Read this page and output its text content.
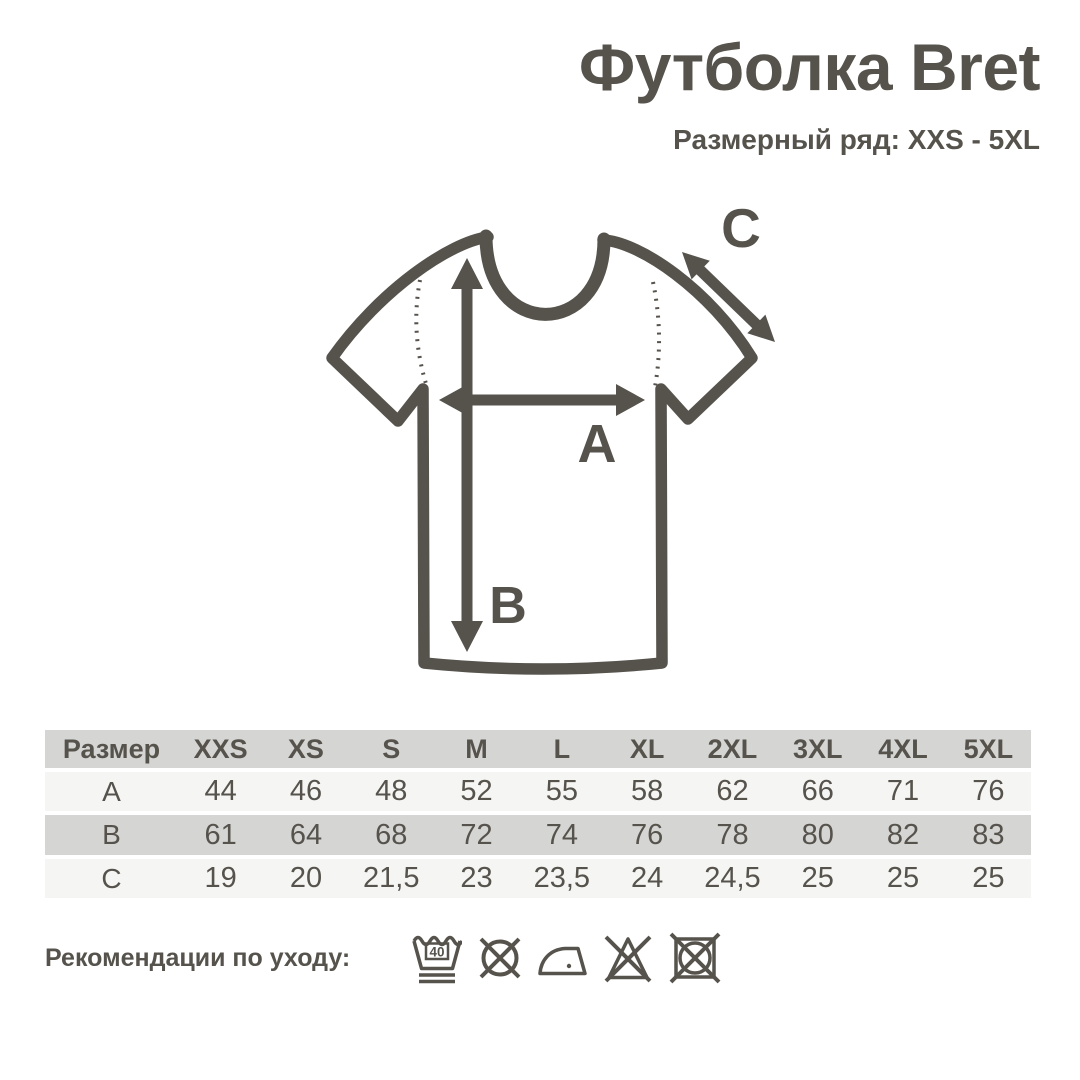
Футболка Bret
Размерный ряд: XXS - 5XL
A
B
C
Размер	XXS	XS	S	M	L	XL	2XL	3XL	4XL	5XL
A	44	46	48	52	55	58	62	66	71	76
B	61	64	68	72	74	76	78	80	82	83
C	19	20	21,5	23	23,5	24	24,5	25	25	25
Рекомендации по уходу:	40
